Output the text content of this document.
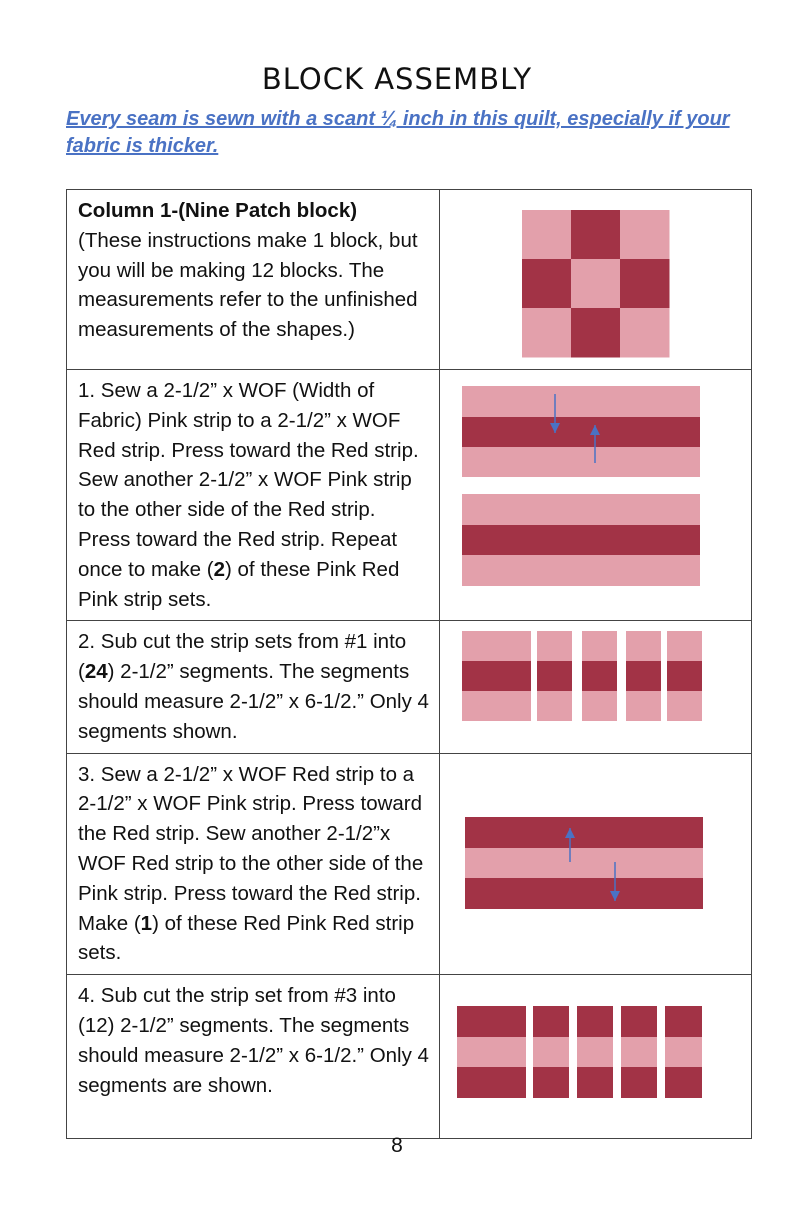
BLOCK ASSEMBLY
Every seam is sewn with a scant ¼ inch in this quilt, especially if your fabric is thicker.
Column 1-(Nine Patch block)
(These instructions make 1 block, but you will be making 12 blocks. The measurements refer to the unfinished measurements of the shapes.)	

1. Sew a 2-1/2” x WOF (Width of Fabric) Pink strip to a 2-1/2” x WOF Red strip. Press toward the Red strip. Sew another 2-1/2” x WOF Pink strip to the other side of the Red strip. Press toward the Red strip. Repeat once to make (2) of these Pink Red Pink strip sets.	

2. Sub cut the strip sets from #1 into (24) 2-1/2” segments. The segments should measure 2-1/2” x 6-1/2.” Only 4 segments shown.	

3. Sew a 2-1/2” x WOF Red strip to a 2-1/2” x WOF Pink strip. Press toward the Red strip. Sew another 2-1/2”x WOF Red strip to the other side of the Pink strip. Press toward the Red strip. Make (1) of these Red Pink Red strip sets.	

4. Sub cut the strip set from #3 into (12) 2-1/2” segments. The segments should measure 2-1/2” x 6-1/2.” Only 4 segments are shown.	
8
